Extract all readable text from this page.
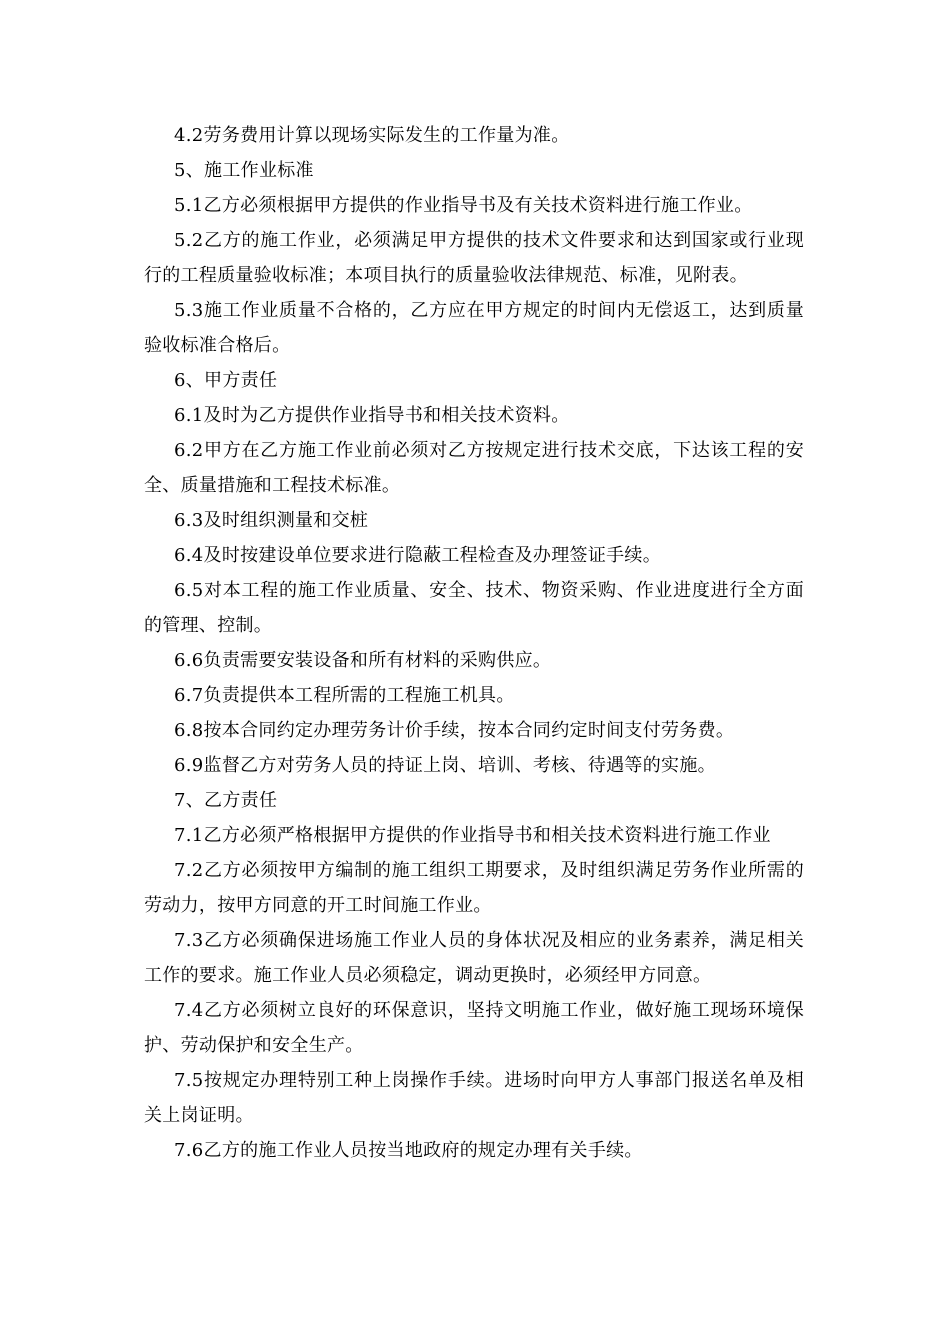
4.2劳务费用计算以现场实际发生的工作量为准。

5、施工作业标准

5.1乙方必须根据甲方提供的作业指导书及有关技术资料进行施工作业。

5.2乙方的施工作业，必须满足甲方提供的技术文件要求和达到国家或行业现行的工程质量验收标准；本项目执行的质量验收法律规范、标准，见附表。

5.3施工作业质量不合格的，乙方应在甲方规定的时间内无偿返工，达到质量验收标准合格后。

6、甲方责任

6.1及时为乙方提供作业指导书和相关技术资料。

6.2甲方在乙方施工作业前必须对乙方按规定进行技术交底，下达该工程的安全、质量措施和工程技术标准。

6.3及时组织测量和交桩

6.4及时按建设单位要求进行隐蔽工程检查及办理签证手续。

6.5对本工程的施工作业质量、安全、技术、物资采购、作业进度进行全方面的管理、控制。

6.6负责需要安装设备和所有材料的采购供应。

6.7负责提供本工程所需的工程施工机具。

6.8按本合同约定办理劳务计价手续，按本合同约定时间支付劳务费。

6.9监督乙方对劳务人员的持证上岗、培训、考核、待遇等的实施。

7、乙方责任

7.1乙方必须严格根据甲方提供的作业指导书和相关技术资料进行施工作业

7.2乙方必须按甲方编制的施工组织工期要求，及时组织满足劳务作业所需的劳动力，按甲方同意的开工时间施工作业。

7.3乙方必须确保进场施工作业人员的身体状况及相应的业务素养，满足相关工作的要求。施工作业人员必须稳定，调动更换时，必须经甲方同意。

7.4乙方必须树立良好的环保意识，坚持文明施工作业，做好施工现场环境保护、劳动保护和安全生产。

7.5按规定办理特别工种上岗操作手续。进场时向甲方人事部门报送名单及相关上岗证明。

7.6乙方的施工作业人员按当地政府的规定办理有关手续。
